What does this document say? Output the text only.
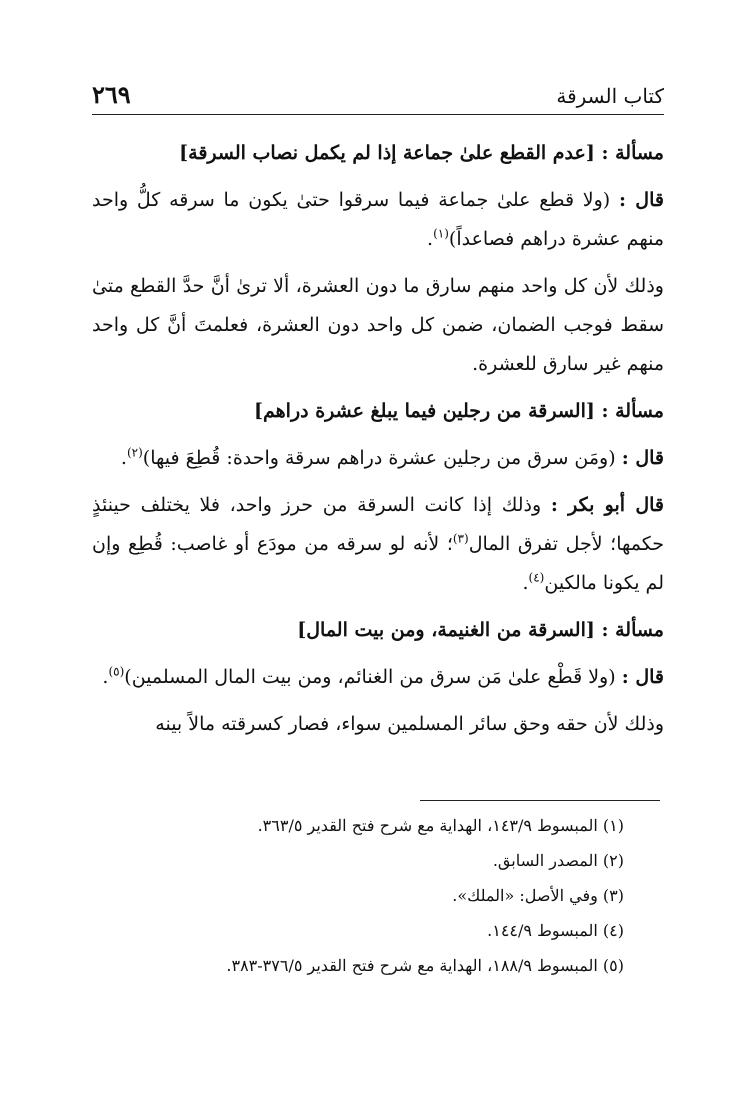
كتاب السرقة
٢٦٩

مسألة : [عدم القطع علىٰ جماعة إذا لم يكمل نصاب السرقة]

قال : (ولا قطع علىٰ جماعة فيما سرقوا حتىٰ يكون ما سرقه كلُّ واحد منهم عشرة دراهم فصاعداً)$^{(١)}$.

وذلك لأن كل واحد منهم سارق ما دون العشرة، ألا ترىٰ أنَّ حدَّ القطع متىٰ سقط فوجب الضمان، ضمن كل واحد دون العشرة، فعلمتَ أنَّ كل واحد منهم غير سارق للعشرة.

مسألة : [السرقة من رجلين فيما يبلغ عشرة دراهم]

قال : (ومَن سرق من رجلين عشرة دراهم سرقة واحدة: قُطِعَ فيها)$^{(٢)}$.

قال أبو بكر : وذلك إذا كانت السرقة من حرز واحد، فلا يختلف حينئذٍ حكمها؛ لأجل تفرق المال$^{(٣)}$؛ لأنه لو سرقه من مودَع أو غاصب: قُطِع وإن لم يكونا مالكين$^{(٤)}$.

مسألة : [السرقة من الغنيمة، ومن بيت المال]

قال : (ولا قَطْع علىٰ مَن سرق من الغنائم، ومن بيت المال المسلمين)$^{(٥)}$.

وذلك لأن حقه وحق سائر المسلمين سواء، فصار كسرقته مالاً بينه

(١) المبسوط ١٤٣/٩، الهداية مع شرح فتح القدير ٣٦٣/٥.

(٢) المصدر السابق.

(٣) وفي الأصل: «الملك».

(٤) المبسوط ١٤٤/٩.

(٥) المبسوط ١٨٨/٩، الهداية مع شرح فتح القدير ٣٧٦/٥-٣٨٣.
